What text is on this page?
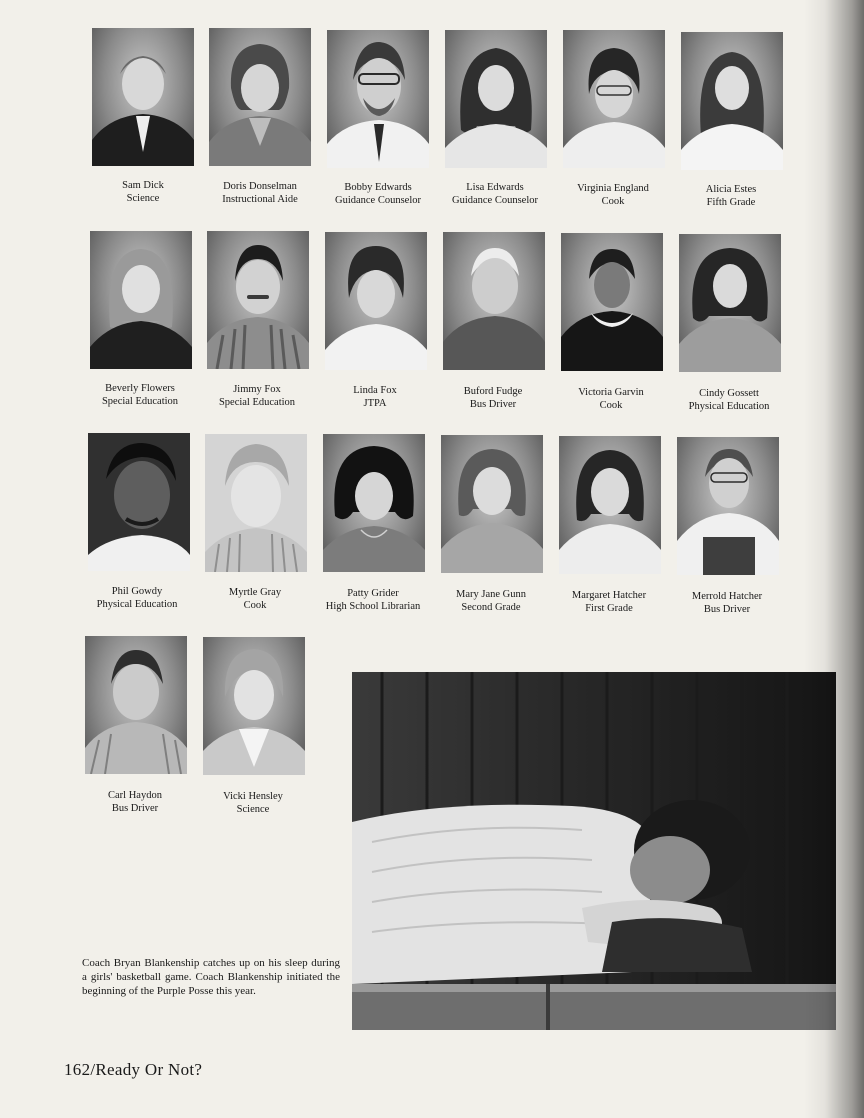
Sam Dick
Science
Doris Donselman
Instructional Aide
Bobby Edwards
Guidance Counselor
Lisa Edwards
Guidance Counselor
Virginia England
Cook
Alicia Estes
Fifth Grade
Beverly Flowers
Special Education
Jimmy Fox
Special Education
Linda Fox
JTPA
Buford Fudge
Bus Driver
Victoria Garvin
Cook
Cindy Gossett
Physical Education
Phil Gowdy
Physical Education
Myrtle Gray
Cook
Patty Grider
High School Librarian
Mary Jane Gunn
Second Grade
Margaret Hatcher
First Grade
Merrold Hatcher
Bus Driver
Carl Haydon
Bus Driver
Vicki Hensley
Science
Coach Bryan Blankenship catches up on his sleep during a girls' basketball game. Coach Blankenship initiated the beginning of the Purple Posse this year.
162/Ready Or Not?
